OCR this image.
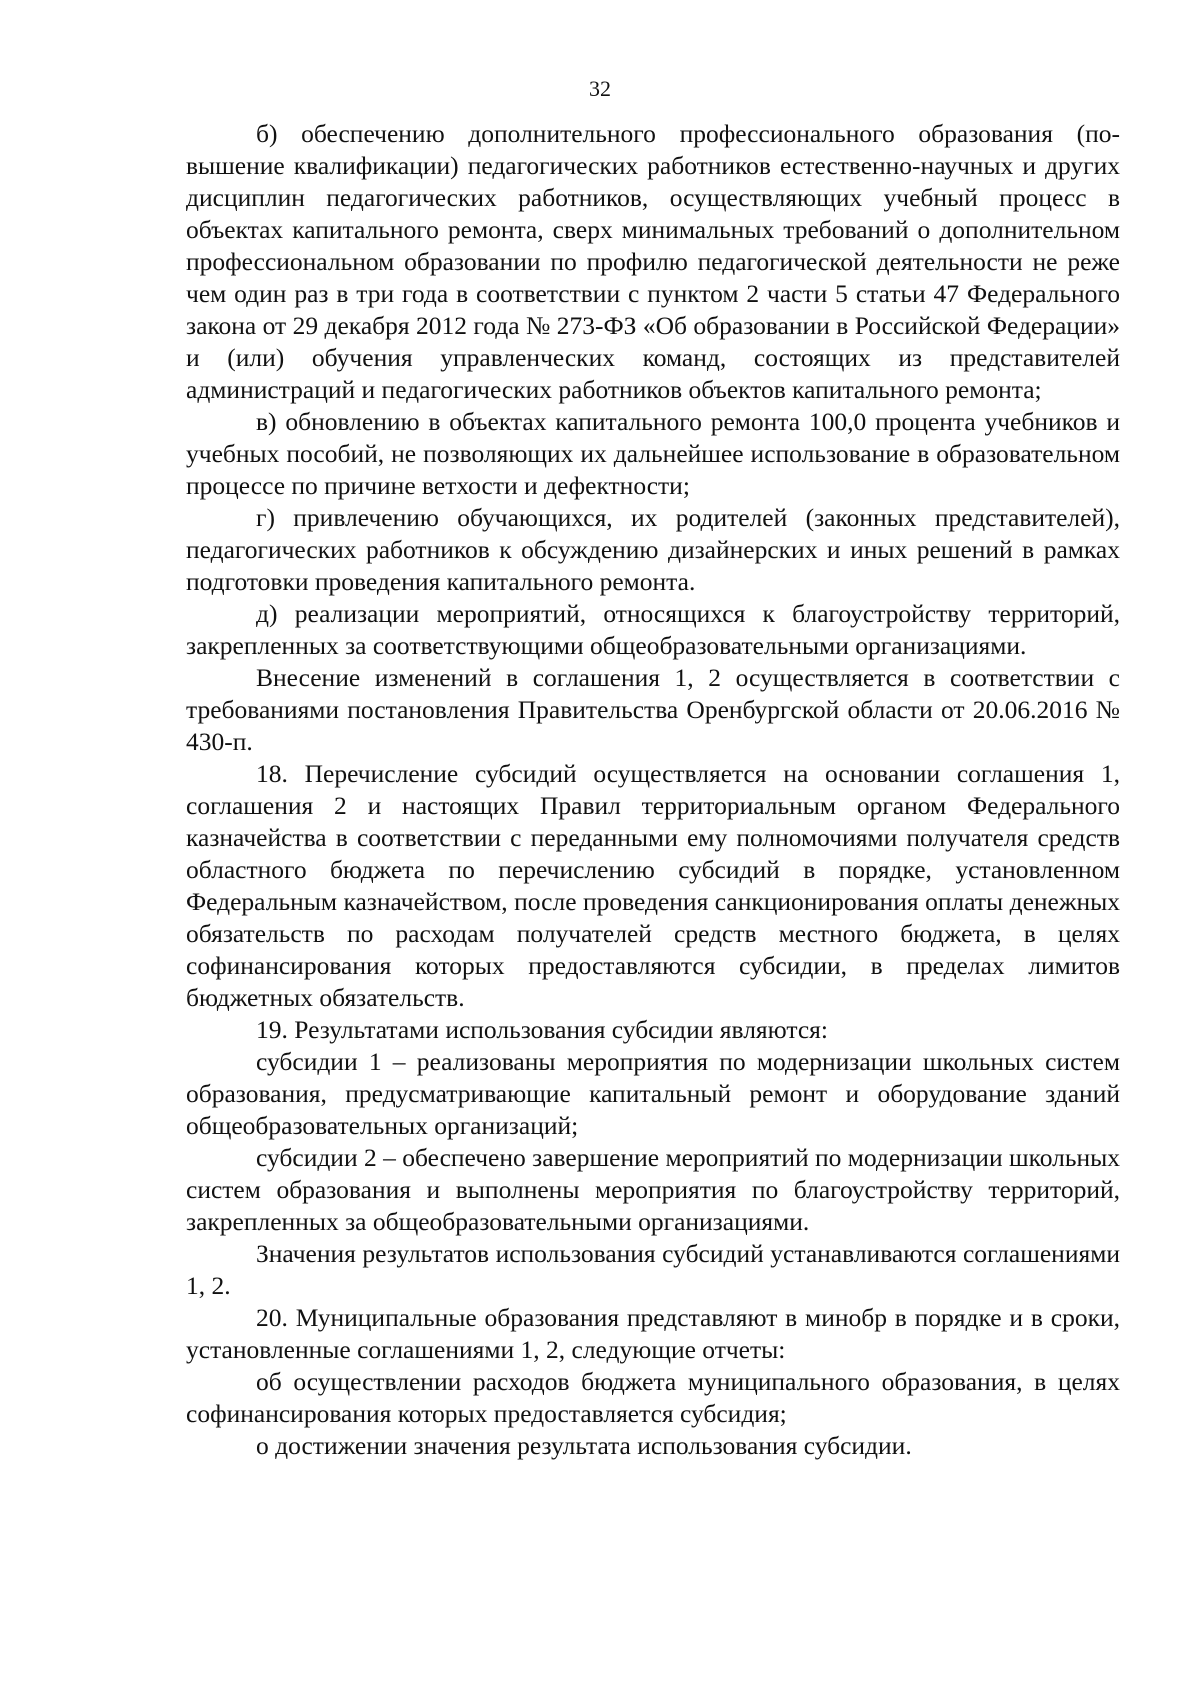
32

б) обеспечению дополнительного профессионального образования (повышение квалификации) педагогических работников естественно-научных и других дисциплин педагогических работников, осуществляющих учебный процесс в объектах капитального ремонта, сверх минимальных требований о дополнительном профессиональном образовании по профилю педагогической деятельности не реже чем один раз в три года в соответствии с пунктом 2 части 5 статьи 47 Федерального закона от 29 декабря 2012 года № 273-ФЗ «Об образовании в Российской Федерации» и (или) обучения управленческих команд, состоящих из представителей администраций и педагогических работников объектов капитального ремонта;

в) обновлению в объектах капитального ремонта 100,0 процента учебников и учебных пособий, не позволяющих их дальнейшее использование в образовательном процессе по причине ветхости и дефектности;

г) привлечению обучающихся, их родителей (законных представителей), педагогических работников к обсуждению дизайнерских и иных решений в рамках подготовки проведения капитального ремонта.

д) реализации мероприятий, относящихся к благоустройству территорий, закрепленных за соответствующими общеобразовательными организациями.

Внесение изменений в соглашения 1, 2 осуществляется в соответствии с требованиями постановления Правительства Оренбургской области от 20.06.2016 № 430-п.

18. Перечисление субсидий осуществляется на основании соглашения 1, соглашения 2 и настоящих Правил территориальным органом Федерального казначейства в соответствии с переданными ему полномочиями получателя средств областного бюджета по перечислению субсидий в порядке, установленном Федеральным казначейством, после проведения санкционирования оплаты денежных обязательств по расходам получателей средств местного бюджета, в целях софинансирования которых предоставляются субсидии, в пределах лимитов бюджетных обязательств.

19. Результатами использования субсидии являются:

субсидии 1 – реализованы мероприятия по модернизации школьных систем образования, предусматривающие капитальный ремонт и оборудование зданий общеобразовательных организаций;

субсидии 2 – обеспечено завершение мероприятий по модернизации школьных систем образования и выполнены мероприятия по благоустройству территорий, закрепленных за общеобразовательными организациями.

Значения результатов использования субсидий устанавливаются соглашениями 1, 2.

20. Муниципальные образования представляют в минобр в порядке и в сроки, установленные соглашениями 1, 2, следующие отчеты:

об осуществлении расходов бюджета муниципального образования, в целях софинансирования которых предоставляется субсидия;

о достижении значения результата использования субсидии.
